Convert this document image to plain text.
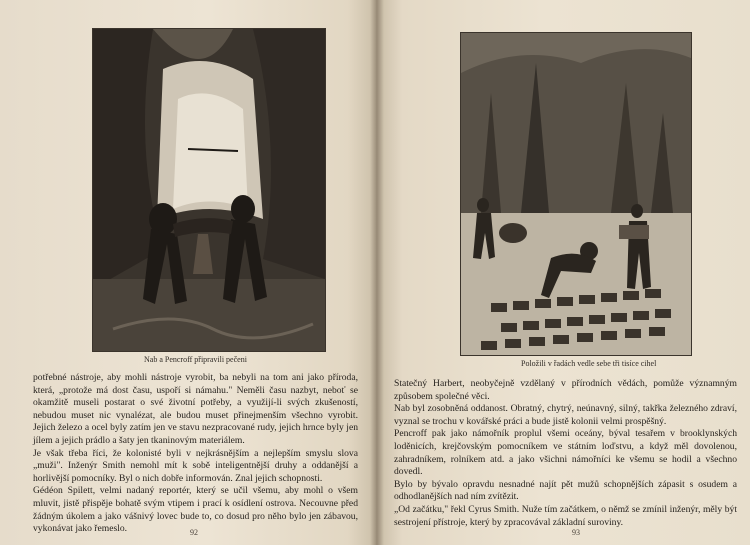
Nab a Pencroff připravili pečeni

potřebné nástroje, aby mohli nástroje vyrobit, ba nebyli na tom ani jako příroda, která, „protože má dost času, uspoří si námahu." Neměli času nazbyt, neboť se okamžitě museli postarat o své životní potřeby, a využijí-li svých zkušeností, nebudou muset nic vynalézat, ale budou muset přinejmenším všechno vyrobit. Jejich železo a ocel byly zatím jen ve stavu nezpracované rudy, jejich hrnce byly jen jílem a jejich prádlo a šaty jen tkaninovým materiálem.

Je však třeba říci, že kolonisté byli v nejkrásnějším a nejlepším smyslu slova „muži". Inženýr Smith nemohl mít k sobě inteligentnější druhy a oddanější a horlivější pomocníky. Byl o nich dobře informován. Znal jejich schopnosti.

Gédéon Spilett, velmi nadaný reportér, který se učil všemu, aby mohl o všem mluvit, jistě přispěje bohatě svým vtipem i prací k osídlení ostrova. Necouvne před žádným úkolem a jako vášnivý lovec bude to, co dosud pro něho bylo jen zábavou, vykonávat jako řemeslo.	92
Položili v řadách vedle sebe tři tisíce cihel

Statečný Harbert, neobyčejně vzdělaný v přírodních vědách, pomůže významným způsobem společné věci.

Nab byl zosobněná oddanost. Obratný, chytrý, neúnavný, silný, takřka železného zdraví, vyznal se trochu v kovářské práci a bude jistě kolonii velmi prospěšný.

Pencroff pak jako námořník proplul všemi oceány, býval tesařem v brooklynských loděnicích, krejčovským pomocníkem ve státním loďstvu, a když měl dovolenou, zahradníkem, rolníkem atd. a jako všichni námořníci ke všemu se hodil a všechno dovedl.

Bylo by bývalo opravdu nesnadné najít pět mužů schopnějších zápasit s osudem a odhodlanějších nad ním zvítězit.

„Od začátku," řekl Cyrus Smith. Nuže tím začátkem, o němž se zmínil inženýr, měly být sestrojení přístroje, který by zpracovával základní suroviny.

93
